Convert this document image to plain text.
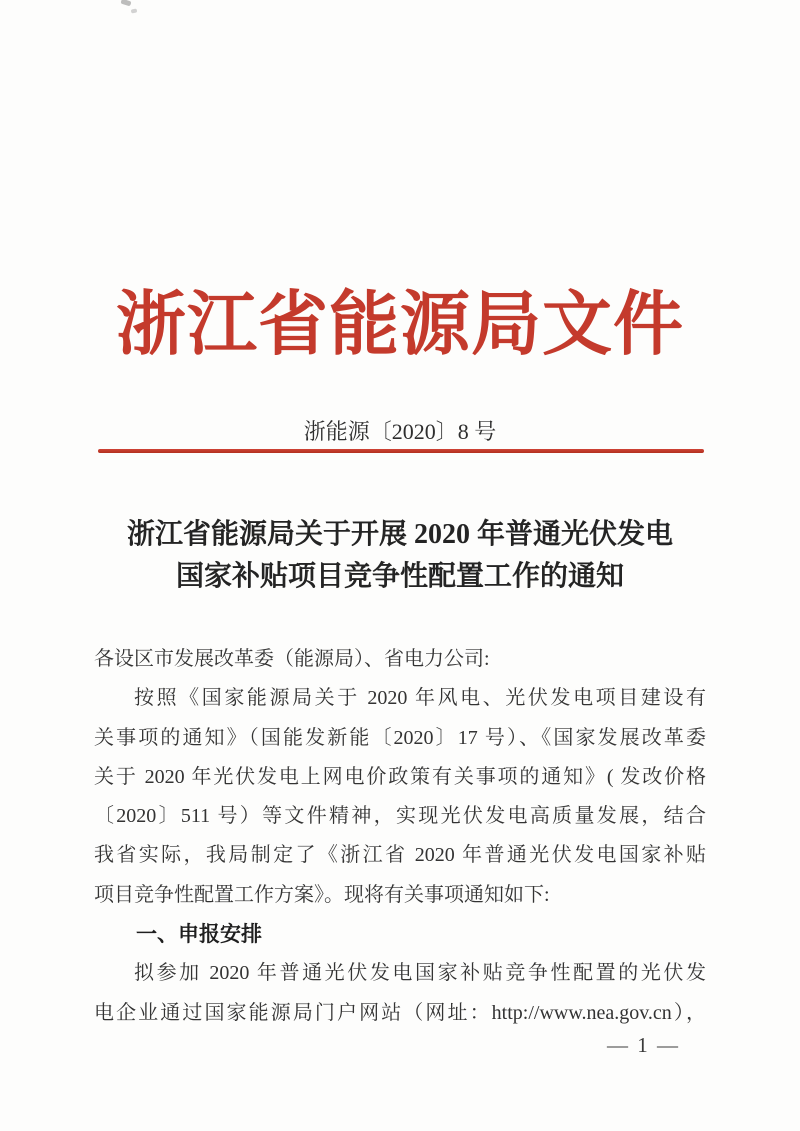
浙江省能源局文件
浙能源〔2020〕8 号
浙江省能源局关于开展 2020 年普通光伏发电
国家补贴项目竞争性配置工作的通知
各设区市发展改革委（能源局）、省电力公司:
按照《国家能源局关于 2020 年风电、光伏发电项目建设有
关事项的通知》（国能发新能〔2020〕17 号）、《国家发展改革委
关于 2020 年光伏发电上网电价政策有关事项的通知》( 发改价格
〔2020〕511 号）等文件精神，实现光伏发电高质量发展，结合
我省实际，我局制定了《浙江省 2020 年普通光伏发电国家补贴
项目竞争性配置工作方案》。现将有关事项通知如下:
一、申报安排
拟参加 2020 年普通光伏发电国家补贴竞争性配置的光伏发
电企业通过国家能源局门户网站（网址：http://www.nea.gov.cn），
— 1 —
